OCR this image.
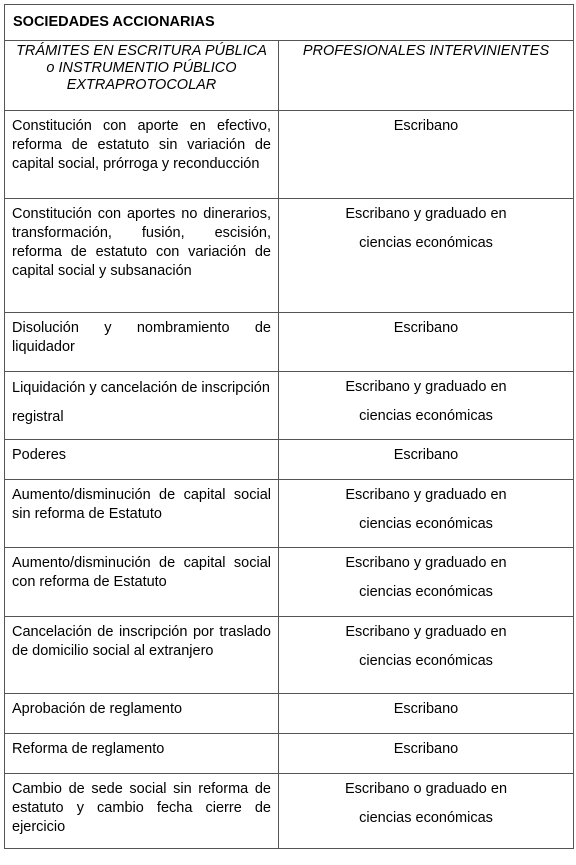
SOCIEDADES ACCIONARIAS	
TRÁMITES EN ESCRITURA PÚBLICA o INSTRUMENTIO PÚBLICO EXTRAPROTOCOLAR	PROFESIONALES INTERVINIENTES
Constitución con aporte en efectivo, reforma de estatuto sin variación de capital social, prórroga y reconducción	Escribano

Constitución con aportes no dinerarios, transformación, fusión, escisión, reforma de estatuto con variación de capital social y subsanación	Escribano y graduado en
ciencias económicas

Disolución y nombramiento de liquidador	Escribano

Liquidación y cancelación de inscripción registral	Escribano y graduado en
ciencias económicas

Poderes	Escribano

Aumento/disminución de capital social sin reforma de Estatuto	Escribano y graduado en
ciencias económicas

Aumento/disminución de capital social con reforma de Estatuto	Escribano y graduado en
ciencias económicas

Cancelación de inscripción por traslado de domicilio social al extranjero	Escribano y graduado en
ciencias económicas

Aprobación de reglamento	Escribano

Reforma de reglamento	Escribano

Cambio de sede social sin reforma de estatuto y cambio fecha cierre de ejercicio	Escribano o graduado en
ciencias económicas
